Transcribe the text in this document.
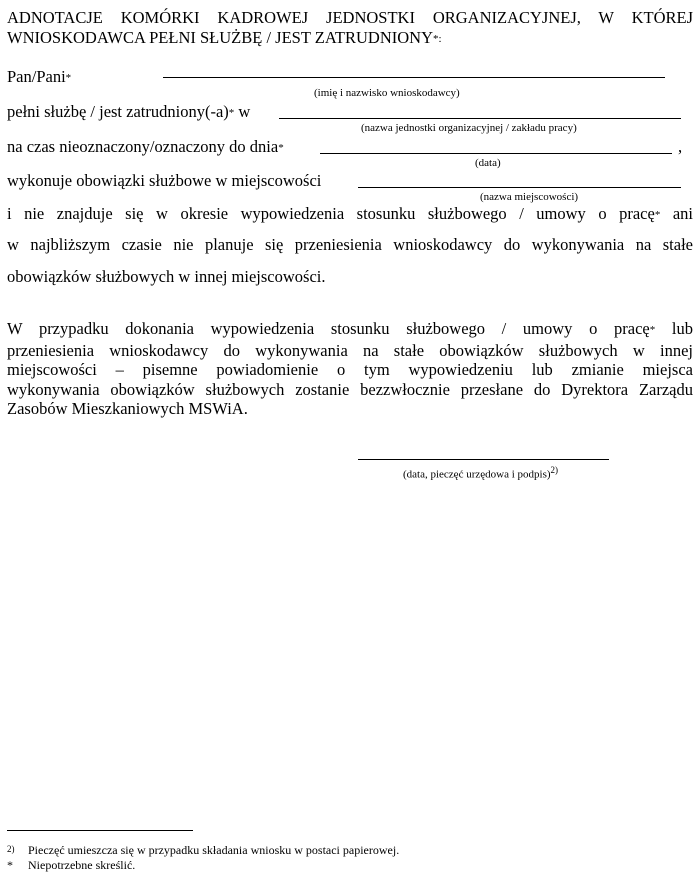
ADNOTACJE KOMÓRKI KADROWEJ JEDNOSTKI ORGANIZACYJNEJ, W KTÓREJ
WNIOSKODAWCA PEŁNI SŁUŻBĘ / JEST ZATRUDNIONY*:
Pan/Pani*
(imię i nazwisko wnioskodawcy)
pełni służbę / jest zatrudniony(-a)* w
(nazwa jednostki organizacyjnej / zakładu pracy)
na czas nieoznaczony/oznaczony do dnia*	,
(data)
wykonuje obowiązki służbowe w miejscowości
(nazwa miejscowości)
i nie znajduje się w okresie wypowiedzenia stosunku służbowego / umowy o pracę* ani
w najbliższym czasie nie planuje się przeniesienia wnioskodawcy do wykonywania na stałe
obowiązków służbowych w innej miejscowości.
W przypadku dokonania wypowiedzenia stosunku służbowego / umowy o pracę* lub
przeniesienia wnioskodawcy do wykonywania na stałe obowiązków służbowych w innej
miejscowości – pisemne powiadomienie o tym wypowiedzeniu lub zmianie miejsca
wykonywania obowiązków służbowych zostanie bezzwłocznie przesłane do Dyrektora Zarządu
Zasobów Mieszkaniowych MSWiA.
(data, pieczęć urzędowa i podpis)$^{2)}$
$^{2)}$ Pieczęć umieszcza się w przypadku składania wniosku w postaci papierowej.
* Niepotrzebne skreślić.
